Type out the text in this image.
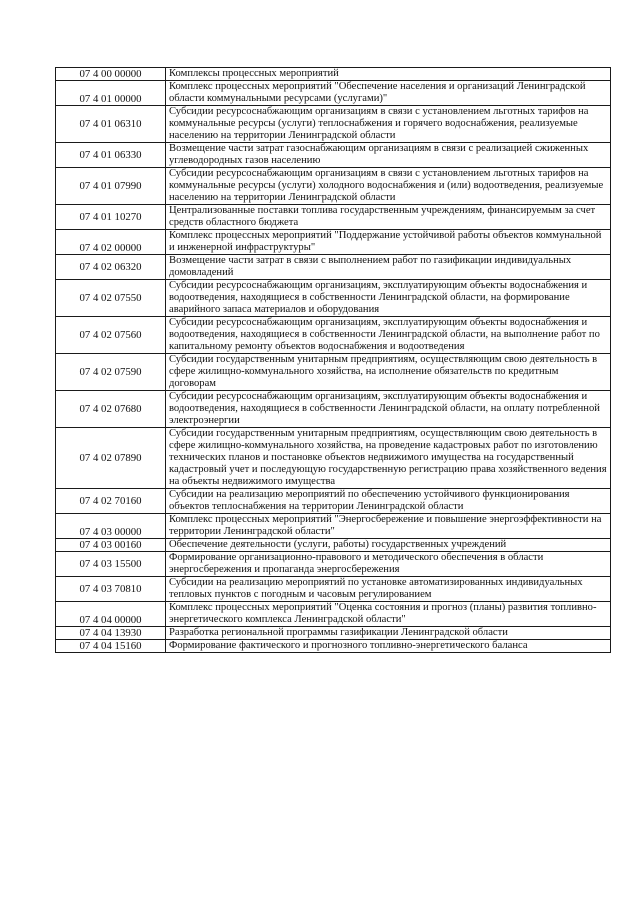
07 4 00 00000	Комплексы процессных мероприятий
07 4 01 00000	Комплекс процессных мероприятий "Обеспечение населения и организаций Ленинградской области коммунальными ресурсами (услугами)"
07 4 01 06310	Субсидии ресурсоснабжающим организациям в связи с установлением льготных тарифов на коммунальные ресурсы (услуги) теплоснабжения и горячего водоснабжения, реализуемые населению на территории Ленинградской области
07 4 01 06330	Возмещение части затрат газоснабжающим организациям в связи с реализацией сжиженных углеводородных газов населению
07 4 01 07990	Субсидии ресурсоснабжающим организациям в связи с установлением льготных тарифов на коммунальные ресурсы (услуги) холодного водоснабжения и (или) водоотведения, реализуемые населению на территории Ленинградской области
07 4 01 10270	Централизованные поставки топлива государственным учреждениям, финансируемым за счет средств областного бюджета
07 4 02 00000	Комплекс процессных мероприятий "Поддержание устойчивой работы объектов коммунальной и инженерной инфраструктуры"
07 4 02 06320	Возмещение части затрат в связи с выполнением работ по газификации индивидуальных домовладений
07 4 02 07550	Субсидии ресурсоснабжающим организациям, эксплуатирующим объекты водоснабжения и водоотведения, находящиеся в собственности Ленинградской области, на формирование аварийного запаса материалов и оборудования
07 4 02 07560	Субсидии ресурсоснабжающим организациям, эксплуатирующим объекты водоснабжения и водоотведения, находящиеся в собственности Ленинградской области, на выполнение работ по капитальному ремонту объектов водоснабжения и водоотведения
07 4 02 07590	Субсидии государственным унитарным предприятиям, осуществляющим свою деятельность в сфере жилищно-коммунального хозяйства, на исполнение обязательств по кредитным договорам
07 4 02 07680	Субсидии ресурсоснабжающим организациям, эксплуатирующим объекты водоснабжения и водоотведения, находящиеся в собственности Ленинградской области, на оплату потребленной электроэнергии
07 4 02 07890	Субсидии государственным унитарным предприятиям, осуществляющим свою деятельность в сфере жилищно-коммунального хозяйства, на проведение кадастровых работ по изготовлению технических планов и постановке объектов недвижимого имущества на государственный кадастровый учет и последующую государственную регистрацию права хозяйственного ведения на объекты недвижимого имущества
07 4 02 70160	Субсидии на реализацию мероприятий по обеспечению устойчивого функционирования объектов теплоснабжения на территории Ленинградской области
07 4 03 00000	Комплекс процессных мероприятий "Энергосбережение и повышение энергоэффективности на территории Ленинградской области"
07 4 03 00160	Обеспечение деятельности (услуги, работы) государственных учреждений
07 4 03 15500	Формирование организационно-правового и методического обеспечения в области энергосбережения и пропаганда энергосбережения
07 4 03 70810	Субсидии на реализацию мероприятий по установке автоматизированных индивидуальных тепловых пунктов с погодным и часовым регулированием
07 4 04 00000	Комплекс процессных мероприятий "Оценка состояния и прогноз (планы) развития топливно-энергетического комплекса Ленинградской области"
07 4 04 13930	Разработка региональной программы газификации Ленинградской области
07 4 04 15160	Формирование фактического и прогнозного топливно-энергетического баланса
